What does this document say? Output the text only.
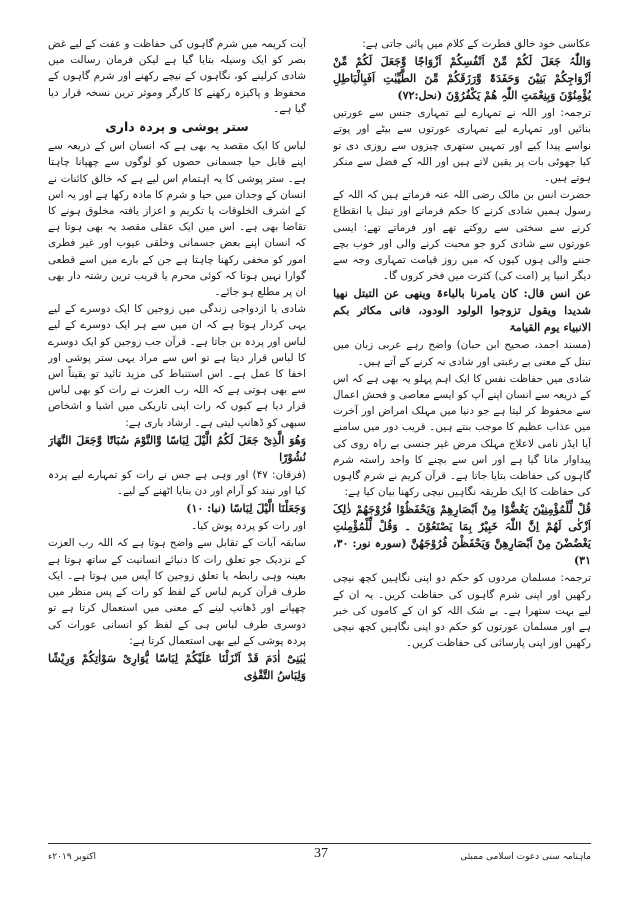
عکاسی خود خالق فطرت کے کلام میں پائی جاتی ہے:

وَاللّٰہُ جَعَلَ لَکُمْ مِّنْ اَنْفُسِکُمْ اَزْوَاجًا وَّجَعَلَ لَکُمْ مِّنْ اَزْوَاجِکُمْ بَنِیْنَ وَحَفَدَۃً وَّرَزَقَکُمْ مِّنَ الطَّیِّبٰتِ اَفَبِالْبَاطِلِ یُؤْمِنُوْنَ وَبِنِعْمَتِ اللّٰہِ ھُمْ یَکْفُرُوْنَ (نحل:۷۲)

ترجمہ: اور اللہ نے تمہارے لیے تمہاری جنس سے عورتیں بنائیں اور تمہارے لیے تمہاری عورتوں سے بیٹے اور پوتے نواسے پیدا کیے اور تمہیں ستھری چیزوں سے روزی دی تو کیا جھوٹی بات پر یقین لاتے ہیں اور اللہ کے فضل سے منکر ہوتے ہیں۔

حضرت انس بن مالک رضی اللہ عنہ فرماتے ہیں کہ اللہ کے رسول ہمیں شادی کرنے کا حکم فرماتے اور تبتل یا انقطاع کرنے سے سختی سے روکتے تھے اور فرماتے تھے: ایسی عورتوں سے شادی کرو جو محبت کرنے والی اور خوب بچے جننے والی ہوں کیوں کہ میں روز قیامت تمہاری وجہ سے دیگر انبیا پر (امت کی) کثرت میں فخر کروں گا۔

عن انس قال: کان یامرنا بالباءۃ وینھی عن التبتل نھیا شدیدا ویقول تزوجوا الولود الودود، فانی مکاثر بکم الانبیاء یوم القیامۃ

(مسند احمد، صحیح ابن حبان) واضح رہے عربی زبان میں تبتل کے معنی بے رغبتی اور شادی نہ کرنے کے آتے ہیں۔

شادی میں حفاظت نفس کا ایک اہم پہلو یہ بھی ہے کہ اس کے ذریعہ سے انسان اپنے آپ کو ایسے معاصی و فحش اعمال سے محفوظ کر لیتا ہے جو دنیا میں مہلک امراض اور آخرت میں عذاب عظیم کا موجب بنتے ہیں۔ قریب دور میں سامنے آیا ایڈز نامی لاعلاج مہلک مرض غیر جنسی بے راہ روی کی پیداوار مانا گیا ہے اور اس سے بچنے کا واحد راستہ شرم گاہوں کی حفاظت بتایا جاتا ہے۔ قرآن کریم نے شرم گاہوں کی حفاظت کا ایک طریقہ نگاہیں نیچی رکھنا بیان کیا ہے:

قُلْ لِّلْمُؤْمِنِیْنَ یَغُضُّوْا مِنْ اَبْصَارِھِمْ وَیَحْفَظُوْا فُرُوْجَھُمْ ذٰلِکَ اَزْکٰی لَھُمْ اِنَّ اللّٰہَ خَبِیْرٌ بِمَا یَصْنَعُوْنَ ۔ وَقُلْ لِّلْمُؤْمِنٰتِ یَغْضُضْنَ مِنْ اَبْصَارِھِنَّ وَیَحْفَظْنَ فُرُوْجَھُنَّ (سورہ نور: ۳۰، ۳۱)

ترجمہ: مسلمان مردوں کو حکم دو اپنی نگاہیں کچھ نیچی رکھیں اور اپنی شرم گاہوں کی حفاظت کریں۔ یہ ان کے لیے بہت ستھرا ہے۔ بے شک اللہ کو ان کے کاموں کی خبر ہے اور مسلمان عورتوں کو حکم دو اپنی نگاہیں کچھ نیچی رکھیں اور اپنی پارسائی کی حفاظت کریں۔

آیت کریمہ میں شرم گاہوں کی حفاظت و عفت کے لیے غض بصر کو ایک وسیلہ بتایا گیا ہے لیکن فرمان رسالت میں شادی کرلینے کو، نگاہوں کے نیچے رکھنے اور شرم گاہوں کے محفوظ و پاکیزہ رکھنے کا کارگر وموثر ترین نسخہ قرار دیا گیا ہے۔

ستر پوشی و پردہ داری

لباس کا ایک مقصد یہ بھی ہے کہ انسان اس کے ذریعہ سے اپنے قابل حیا جسمانی حصوں کو لوگوں سے چھپانا چاہتا ہے۔ ستر پوشی کا یہ اہتمام اس لیے ہے کہ خالق کائنات نے انسان کے وجدان میں حیا و شرم کا مادہ رکھا ہے اور یہ اس کے اشرف الخلوقات یا تکریم و اعزاز یافتہ مخلوق ہونے کا تقاضا بھی ہے۔ اس میں ایک عقلی مقصد یہ بھی ہوتا ہے کہ انسان اپنے بعض جسمانی وخلقی عیوب اور غیر فطری امور کو مخفی رکھنا چاہتا ہے جن کے بارے میں اسے قطعی گوارا نہیں ہوتا کہ کوئی محرم یا قریب ترین رشتہ دار بھی ان پر مطلع ہو جائے۔

شادی یا ازدواجی زندگی میں زوجین کا ایک دوسرے کے لیے یہی کردار ہوتا ہے کہ ان میں سے ہر ایک دوسرے کے لیے لباس اور پردہ بن جاتا ہے۔ قرآن جب زوجین کو ایک دوسرے کا لباس قرار دیتا ہے تو اس سے مراد یہی ستر پوشی اور اخفا کا عمل ہے۔ اس استنباط کی مزید تائید تو یقیناً اس سے بھی ہوتی ہے کہ اللہ رب العزت نے رات کو بھی لباس قرار دیا ہے کیوں کہ رات اپنی تاریکی میں اشیا و اشخاص سبھی کو ڈھانپ لیتی ہے۔ ارشاد باری ہے:

وَھُوَ الَّذِیْ جَعَلَ لَکُمُ الَّیْلَ لِبَاسًا وَّالنَّوْمَ سُبَاتًا وَّجَعَلَ النَّھَارَ نُشُوْرًا

(فرقان: ۴۷) اور وہی ہے جس نے رات کو تمہارے لیے پردہ کیا اور نیند کو آرام اور دن بنایا اٹھنے کے لیے۔

وَجَعَلْنَا الَّیْلَ لِبَاسًا (نبا: ۱۰)

اور رات کو پردہ پوش کیا۔

سابقہ آیات کے تقابل سے واضح ہوتا ہے کہ اللہ رب العزت کے نزدیک جو تعلق رات کا دنیائے انسانیت کے ساتھ ہوتا ہے بعینہ وہی رابطہ یا تعلق زوجین کا آپس میں ہوتا ہے۔ ایک طرف قرآن کریم لباس کے لفظ کو رات کے پس منظر میں چھپانے اور ڈھانپ لینے کے معنی میں استعمال کرتا ہے تو دوسری طرف لباس ہی کے لفظ کو انسانی عورات کی پردہ پوشی کے لیے بھی استعمال کرتا ہے:

یٰبَنِیْٓ اٰدَمَ قَدْ اَنْزَلْنَا عَلَیْکُمْ لِبَاسًا یُّوَارِیْ سَوْاٰتِکُمْ وَرِیْشًا وَلِبَاسُ التَّقْوٰی

ماہنامہ سنی دعوت اسلامی ممبئی
37
اکتوبر ۲۰۱۹ء
